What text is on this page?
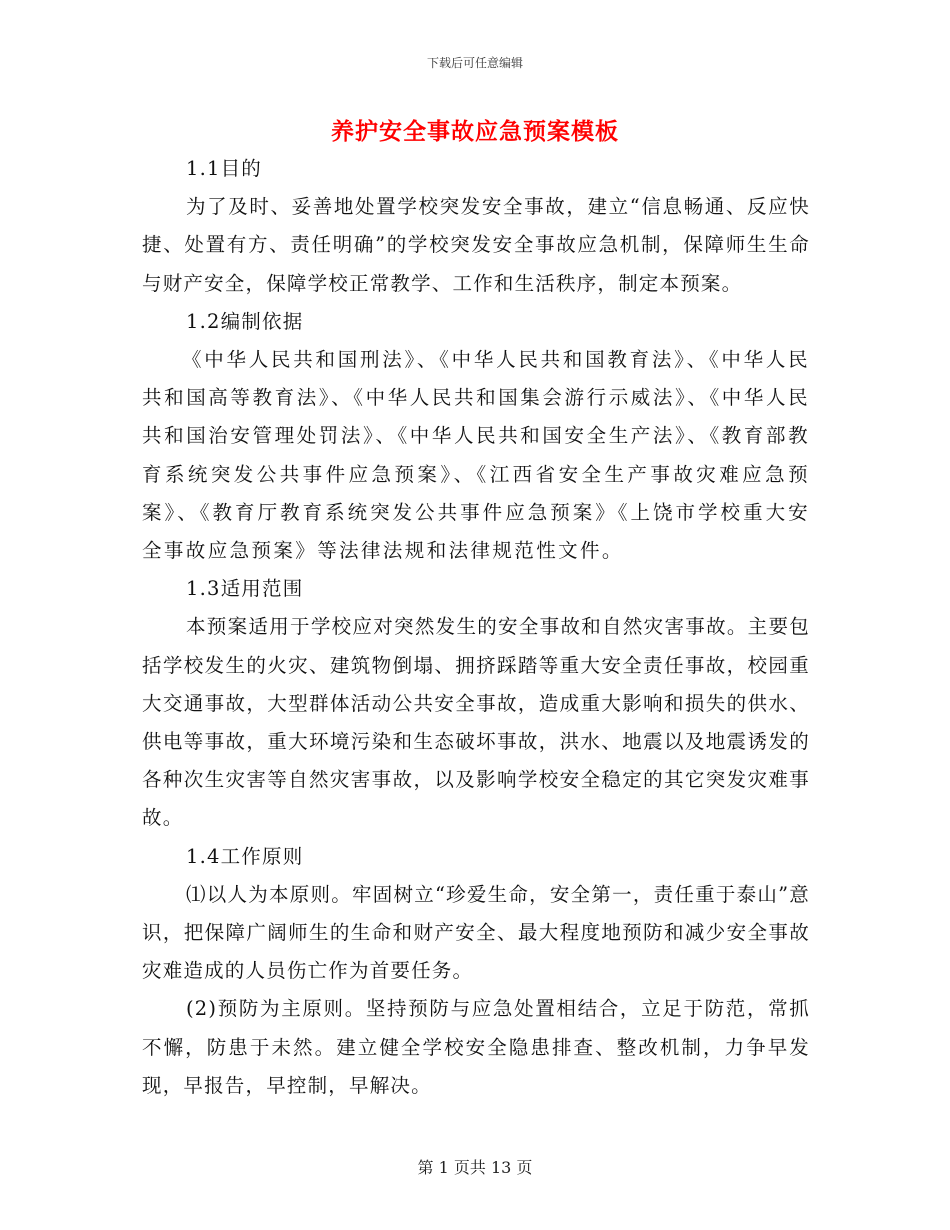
下载后可任意编辑
养护安全事故应急预案模板

1.1目的

为了及时、妥善地处置学校突发安全事故，建立“信息畅通、反应快捷、处置有方、责任明确”的学校突发安全事故应急机制，保障师生生命与财产安全，保障学校正常教学、工作和生活秩序，制定本预案。

1.2编制依据

《中华人民共和国刑法》、《中华人民共和国教育法》、《中华人民共和国高等教育法》、《中华人民共和国集会游行示威法》、《中华人民共和国治安管理处罚法》、《中华人民共和国安全生产法》、《教育部教育系统突发公共事件应急预案》、《江西省安全生产事故灾难应急预案》、《教育厅教育系统突发公共事件应急预案》《上饶市学校重大安全事故应急预案》等法律法规和法律规范性文件。

1.3适用范围

本预案适用于学校应对突然发生的安全事故和自然灾害事故。主要包括学校发生的火灾、建筑物倒塌、拥挤踩踏等重大安全责任事故，校园重大交通事故，大型群体活动公共安全事故，造成重大影响和损失的供水、供电等事故，重大环境污染和生态破坏事故，洪水、地震以及地震诱发的各种次生灾害等自然灾害事故，以及影响学校安全稳定的其它突发灾难事故。

1.4工作原则

⑴以人为本原则。牢固树立“珍爱生命，安全第一，责任重于泰山”意识，把保障广阔师生的生命和财产安全、最大程度地预防和减少安全事故灾难造成的人员伤亡作为首要任务。

(2)预防为主原则。坚持预防与应急处置相结合，立足于防范，常抓不懈，防患于未然。建立健全学校安全隐患排查、整改机制，力争早发现，早报告，早控制，早解决。

第 1 页共 13 页
